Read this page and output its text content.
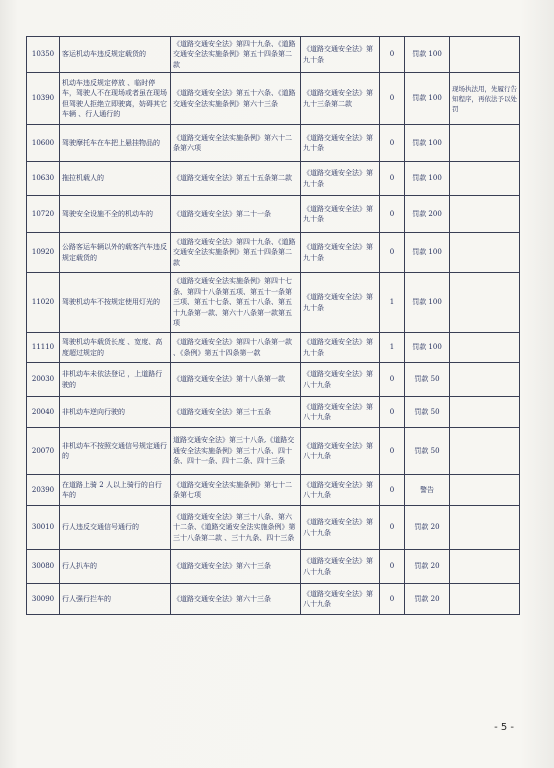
10350	客运机动车违反规定载货的	《道路交通安全法》第四十九条、《道路交通安全法实施条例》第五十四条第二款	《道路交通安全法》第九十条	0	罚款 100	
10390	机动车违反规定停放 、临时停车，驾驶人不在现场或者虽在现场但驾驶人拒绝立即驶离，妨碍其它车辆 、行人通行的	《道路交通安全法》第五十六条、《道路交通安全法实施条例》第六十三条	《道路交通安全法》第九十三条第二款	0	罚款 100	现场执法用，先履行告知程序，再依法予以处罚
10600	驾驶摩托车在车把上悬挂物品的	《道路交通安全法实施条例》第六十二条第六项	《道路交通安全法》第九十条	0	罚款 100	
10630	拖拉机载人的	《道路交通安全法》第五十五条第二款	《道路交通安全法》第九十条	0	罚款 100	
10720	驾驶安全设施不全的机动车的	《道路交通安全法》第二十一条	《道路交通安全法》第九十条	0	罚款 200	
10920	公路客运车辆以外的载客汽车违反规定载货的	《道路交通安全法》第四十九条、《道路交通安全法实施条例》第五十四条第二款	《道路交通安全法》第九十条	0	罚款 100	
11020	驾驶机动车不按规定使用灯光的	《道路交通安全法实施条例》第四十七条、第四十八条第五项、第五十一条第三项、第五十七条、第五十八条、第五十九条第一款、第六十八条第一款第五项	《道路交通安全法》第九十条	1	罚款 100	
11110	驾驶机动车载货长度 、宽度、高度超过规定的	《道路交通安全法》第四十八条第一款 、《条例》第五十四条第一款	《道路交通安全法》第九十条	1	罚款 100	
20030	非机动车未依法登记 ，上道路行驶的	《道路交通安全法》第十八条第一款	《道路交通安全法》第八十九条	0	罚款 50	
20040	非机动车逆向行驶的	《道路交通安全法》第三十五条	《道路交通安全法》第八十九条	0	罚款 50	
20070	非机动车不按照交通信号规定通行的	道路交通安全法》第三十八条,《道路交通安全法实施条例》第三十八条、四十条、四十一条、四十二条、四十三条	《道路交通安全法》第八十九条	0	罚款 50	
20390	在道路上骑 2 人以上骑行的自行车的	《道路交通安全法实施条例》第七十二条第七项	《道路交通安全法》第八十九条	0	警告	
30010	行人违反交通信号通行的	《道路交通安全法》第三十八条、第六十二条、《道路交通安全法实施条例》第三十八条第二款 、三十九条、四十三条	《道路交通安全法》第八十九条	0	罚款 20	
30080	行人扒车的	《道路交通安全法》第六十三条	《道路交通安全法》第八十九条	0	罚款 20	
30090	行人强行拦车的	《道路交通安全法》第六十三条	《道路交通安全法》第八十九条	0	罚款 20	
- 5 -
